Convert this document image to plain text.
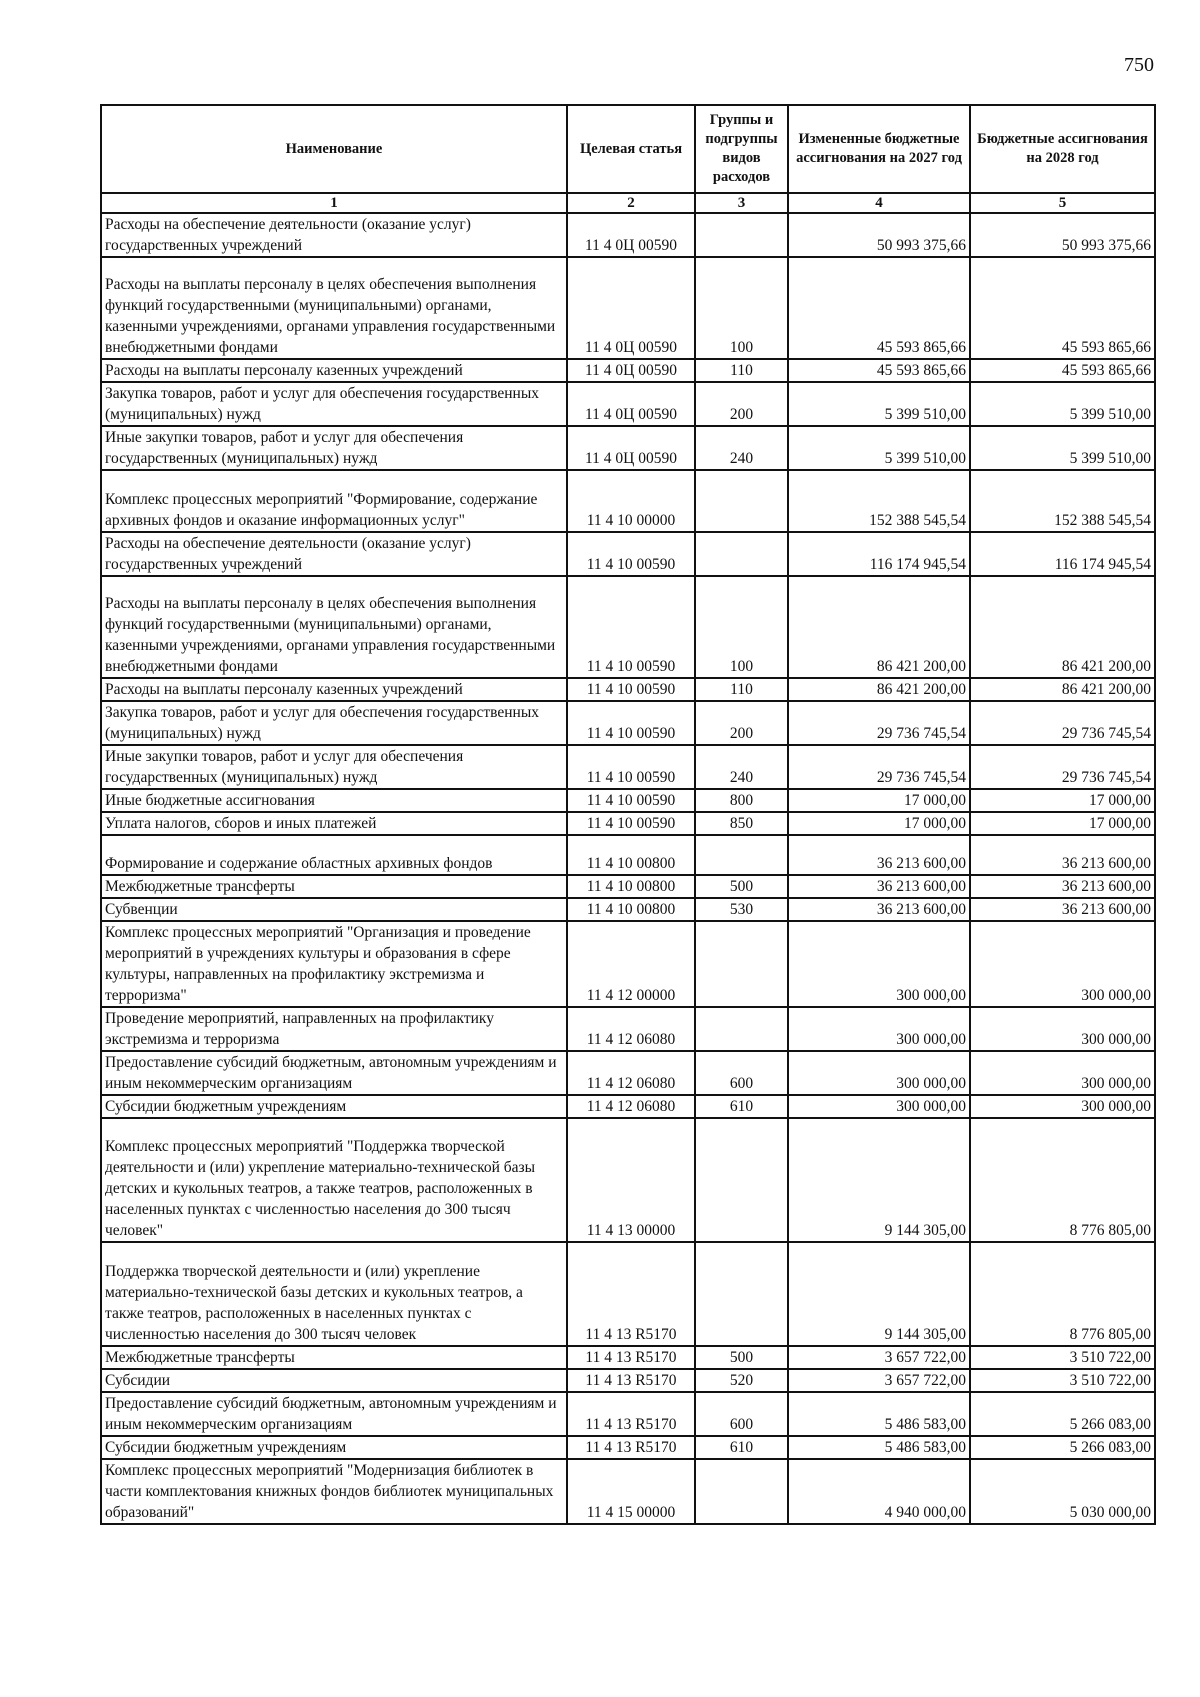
750
Наименование	Целевая статья	Группы и подгруппы видов расходов	Измененные бюджетные ассигнования на 2027 год	Бюджетные ассигнования на 2028 год
1	2	3	4	5
Расходы на обеспечение деятельности (оказание услуг) государственных учреждений	11 4 0Ц 00590		50 993 375,66	50 993 375,66
Расходы на выплаты персоналу в целях обеспечения выполнения функций государственными (муниципальными) органами, казенными учреждениями, органами управления государственными внебюджетными фондами	11 4 0Ц 00590	100	45 593 865,66	45 593 865,66
Расходы на выплаты персоналу казенных учреждений	11 4 0Ц 00590	110	45 593 865,66	45 593 865,66
Закупка товаров, работ и услуг для обеспечения государственных (муниципальных) нужд	11 4 0Ц 00590	200	5 399 510,00	5 399 510,00
Иные закупки товаров, работ и услуг для обеспечения государственных (муниципальных) нужд	11 4 0Ц 00590	240	5 399 510,00	5 399 510,00
Комплекс процессных мероприятий "Формирование, содержание архивных фондов и оказание информационных услуг"	11 4 10 00000		152 388 545,54	152 388 545,54
Расходы на обеспечение деятельности (оказание услуг) государственных учреждений	11 4 10 00590		116 174 945,54	116 174 945,54
Расходы на выплаты персоналу в целях обеспечения выполнения функций государственными (муниципальными) органами, казенными учреждениями, органами управления государственными внебюджетными фондами	11 4 10 00590	100	86 421 200,00	86 421 200,00
Расходы на выплаты персоналу казенных учреждений	11 4 10 00590	110	86 421 200,00	86 421 200,00
Закупка товаров, работ и услуг для обеспечения государственных (муниципальных) нужд	11 4 10 00590	200	29 736 745,54	29 736 745,54
Иные закупки товаров, работ и услуг для обеспечения государственных (муниципальных) нужд	11 4 10 00590	240	29 736 745,54	29 736 745,54
Иные бюджетные ассигнования	11 4 10 00590	800	17 000,00	17 000,00
Уплата налогов, сборов и иных платежей	11 4 10 00590	850	17 000,00	17 000,00
Формирование и содержание областных архивных фондов	11 4 10 00800		36 213 600,00	36 213 600,00
Межбюджетные трансферты	11 4 10 00800	500	36 213 600,00	36 213 600,00
Субвенции	11 4 10 00800	530	36 213 600,00	36 213 600,00
Комплекс процессных мероприятий "Организация и проведение мероприятий в учреждениях культуры и образования в сфере культуры, направленных на профилактику экстремизма и терроризма"	11 4 12 00000		300 000,00	300 000,00
Проведение мероприятий, направленных на профилактику экстремизма и терроризма	11 4 12 06080		300 000,00	300 000,00
Предоставление субсидий бюджетным, автономным учреждениям и иным некоммерческим организациям	11 4 12 06080	600	300 000,00	300 000,00
Субсидии бюджетным учреждениям	11 4 12 06080	610	300 000,00	300 000,00
Комплекс процессных мероприятий "Поддержка творческой деятельности и (или) укрепление материально-технической базы детских и кукольных театров, а также театров, расположенных в населенных пунктах с численностью населения до 300 тысяч человек"	11 4 13 00000		9 144 305,00	8 776 805,00
Поддержка творческой деятельности и (или) укрепление материально-технической базы детских и кукольных театров, а также театров, расположенных в населенных пунктах с численностью населения до 300 тысяч человек	11 4 13 R5170		9 144 305,00	8 776 805,00
Межбюджетные трансферты	11 4 13 R5170	500	3 657 722,00	3 510 722,00
Субсидии	11 4 13 R5170	520	3 657 722,00	3 510 722,00
Предоставление субсидий бюджетным, автономным учреждениям и иным некоммерческим организациям	11 4 13 R5170	600	5 486 583,00	5 266 083,00
Субсидии бюджетным учреждениям	11 4 13 R5170	610	5 486 583,00	5 266 083,00
Комплекс процессных мероприятий "Модернизация библиотек в части комплектования книжных фондов библиотек муниципальных образований"	11 4 15 00000		4 940 000,00	5 030 000,00
